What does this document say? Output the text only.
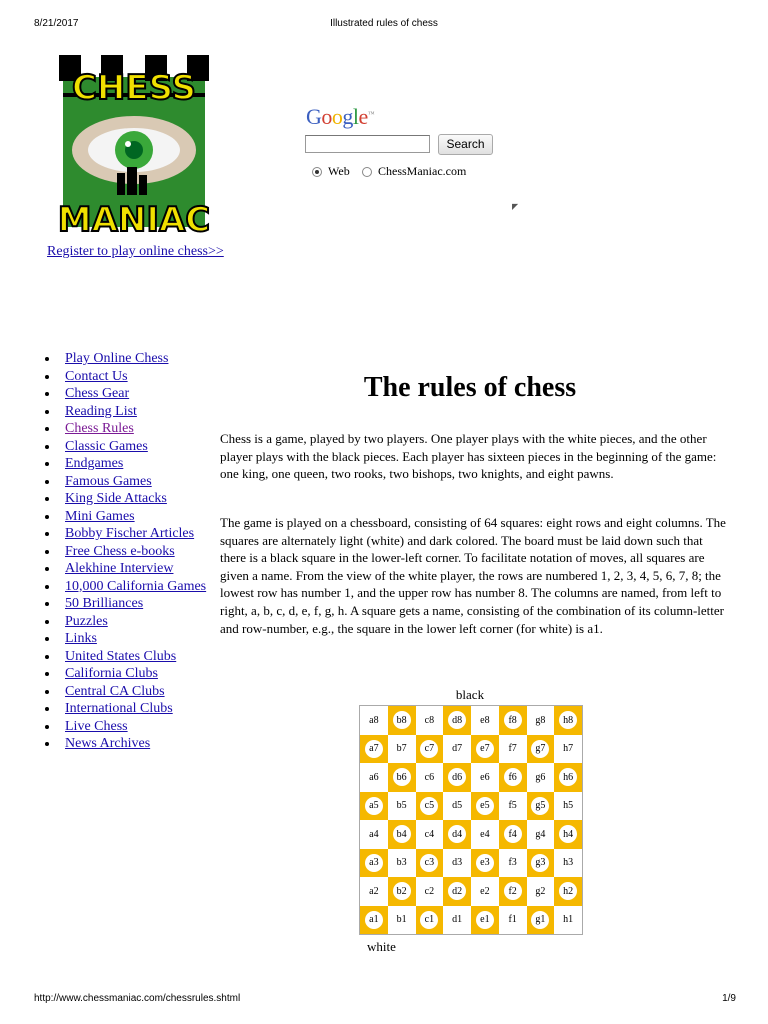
8/21/2017	Illustrated rules of chess
CHESS
MANIAC
Register to play online chess>>
Google™
Search
Web ChessManiac.com
◤
Play Online Chess
Contact Us
Chess Gear
Reading List
Chess Rules
Classic Games
Endgames
Famous Games
King Side Attacks
Mini Games
Bobby Fischer Articles
Free Chess e-books
Alekhine Interview
10,000 California Games
50 Brilliances
Puzzles
Links
United States Clubs
California Clubs
Central CA Clubs
International Clubs
Live Chess
News Archives
The rules of chess

Chess is a game, played by two players. One player plays with the white pieces, and the other player plays with the black pieces. Each player has sixteen pieces in the beginning of the game: one king, one queen, two rooks, two bishops, two knights, and eight pawns.

The game is played on a chessboard, consisting of 64 squares: eight rows and eight columns. The squares are alternately light (white) and dark colored. The board must be laid down such that there is a black square in the lower-left corner. To facilitate notation of moves, all squares are given a name. From the view of the white player, the rows are numbered 1, 2, 3, 4, 5, 6, 7, 8; the lowest row has number 1, and the upper row has number 8. The columns are named, from left to right, a, b, c, d, e, f, g, h. A square gets a name, consisting of the combination of its column-letter and row-number, e.g., the square in the lower left corner (for white) is a1.

black
a8	b8	c8	d8	e8	f8	g8	h8
a7	b7	c7	d7	e7	f7	g7	h7
a6	b6	c6	d6	e6	f6	g6	h6
a5	b5	c5	d5	e5	f5	g5	h5
a4	b4	c4	d4	e4	f4	g4	h4
a3	b3	c3	d3	e3	f3	g3	h3
a2	b2	c2	d2	e2	f2	g2	h2
a1	b1	c1	d1	e1	f1	g1	h1
white
http://www.chessmaniac.com/chessrules.shtml	1/9
